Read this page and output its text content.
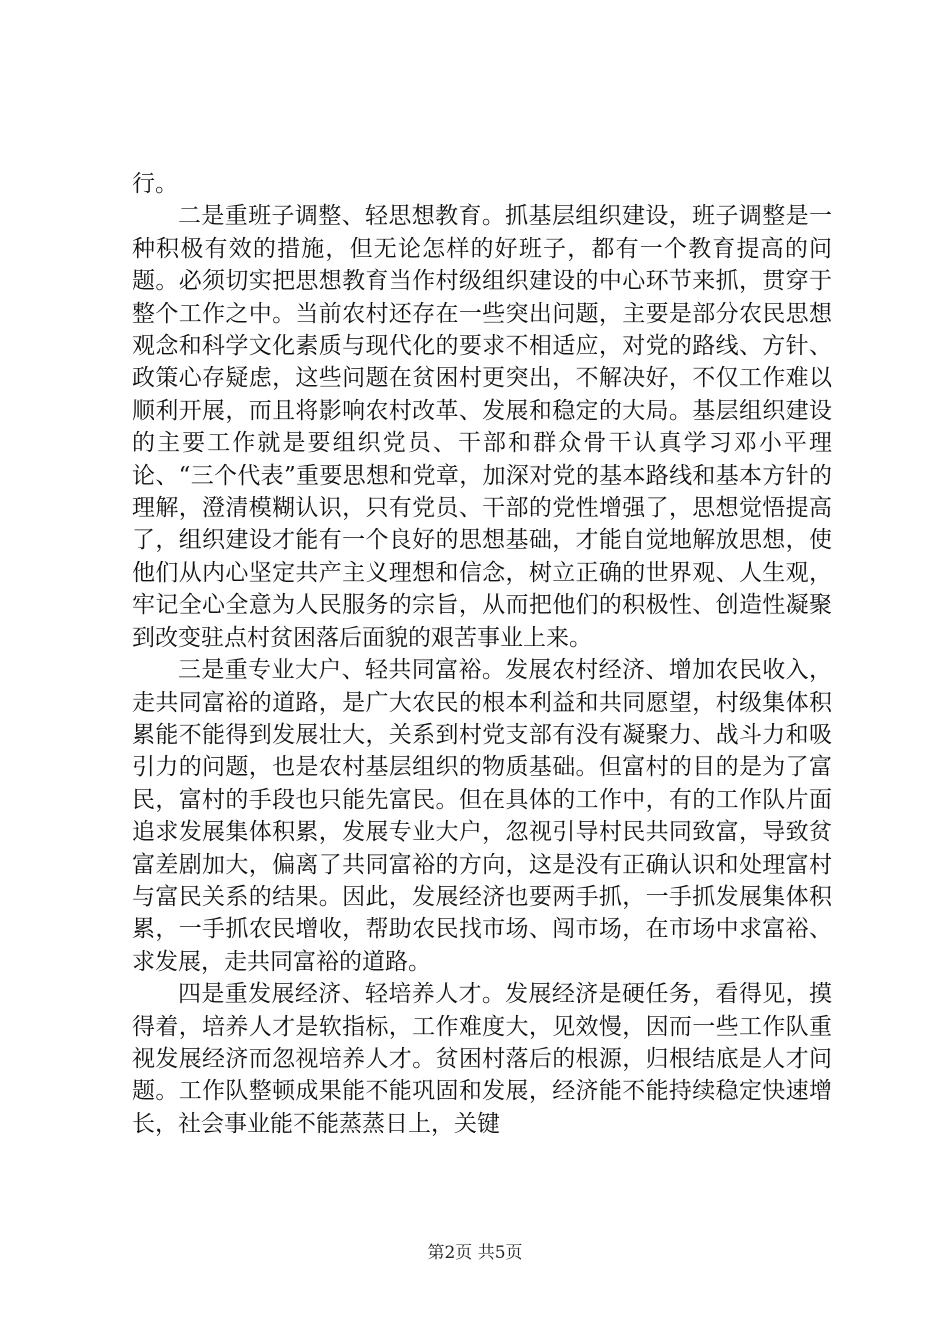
行。

二是重班子调整、轻思想教育。抓基层组织建设，班子调整是一种积极有效的措施，但无论怎样的好班子，都有一个教育提高的问题。必须切实把思想教育当作村级组织建设的中心环节来抓，贯穿于整个工作之中。当前农村还存在一些突出问题，主要是部分农民思想观念和科学文化素质与现代化的要求不相适应，对党的路线、方针、政策心存疑虑，这些问题在贫困村更突出，不解决好，不仅工作难以顺利开展，而且将影响农村改革、发展和稳定的大局。基层组织建设的主要工作就是要组织党员、干部和群众骨干认真学习邓小平理论、“三个代表”重要思想和党章，加深对党的基本路线和基本方针的理解，澄清模糊认识，只有党员、干部的党性增强了，思想觉悟提高了，组织建设才能有一个良好的思想基础，才能自觉地解放思想，使他们从内心坚定共产主义理想和信念，树立正确的世界观、人生观，牢记全心全意为人民服务的宗旨，从而把他们的积极性、创造性凝聚到改变驻点村贫困落后面貌的艰苦事业上来。

三是重专业大户、轻共同富裕。发展农村经济、增加农民收入，走共同富裕的道路，是广大农民的根本利益和共同愿望，村级集体积累能不能得到发展壮大，关系到村党支部有没有凝聚力、战斗力和吸引力的问题，也是农村基层组织的物质基础。但富村的目的是为了富民，富村的手段也只能先富民。但在具体的工作中，有的工作队片面追求发展集体积累，发展专业大户，忽视引导村民共同致富，导致贫富差剧加大，偏离了共同富裕的方向，这是没有正确认识和处理富村与富民关系的结果。因此，发展经济也要两手抓，一手抓发展集体积累，一手抓农民增收，帮助农民找市场、闯市场，在市场中求富裕、求发展，走共同富裕的道路。

四是重发展经济、轻培养人才。发展经济是硬任务，看得见，摸得着，培养人才是软指标，工作难度大，见效慢，因而一些工作队重视发展经济而忽视培养人才。贫困村落后的根源，归根结底是人才问题。工作队整顿成果能不能巩固和发展，经济能不能持续稳定快速增长，社会事业能不能蒸蒸日上，关键

第2页 共5页
